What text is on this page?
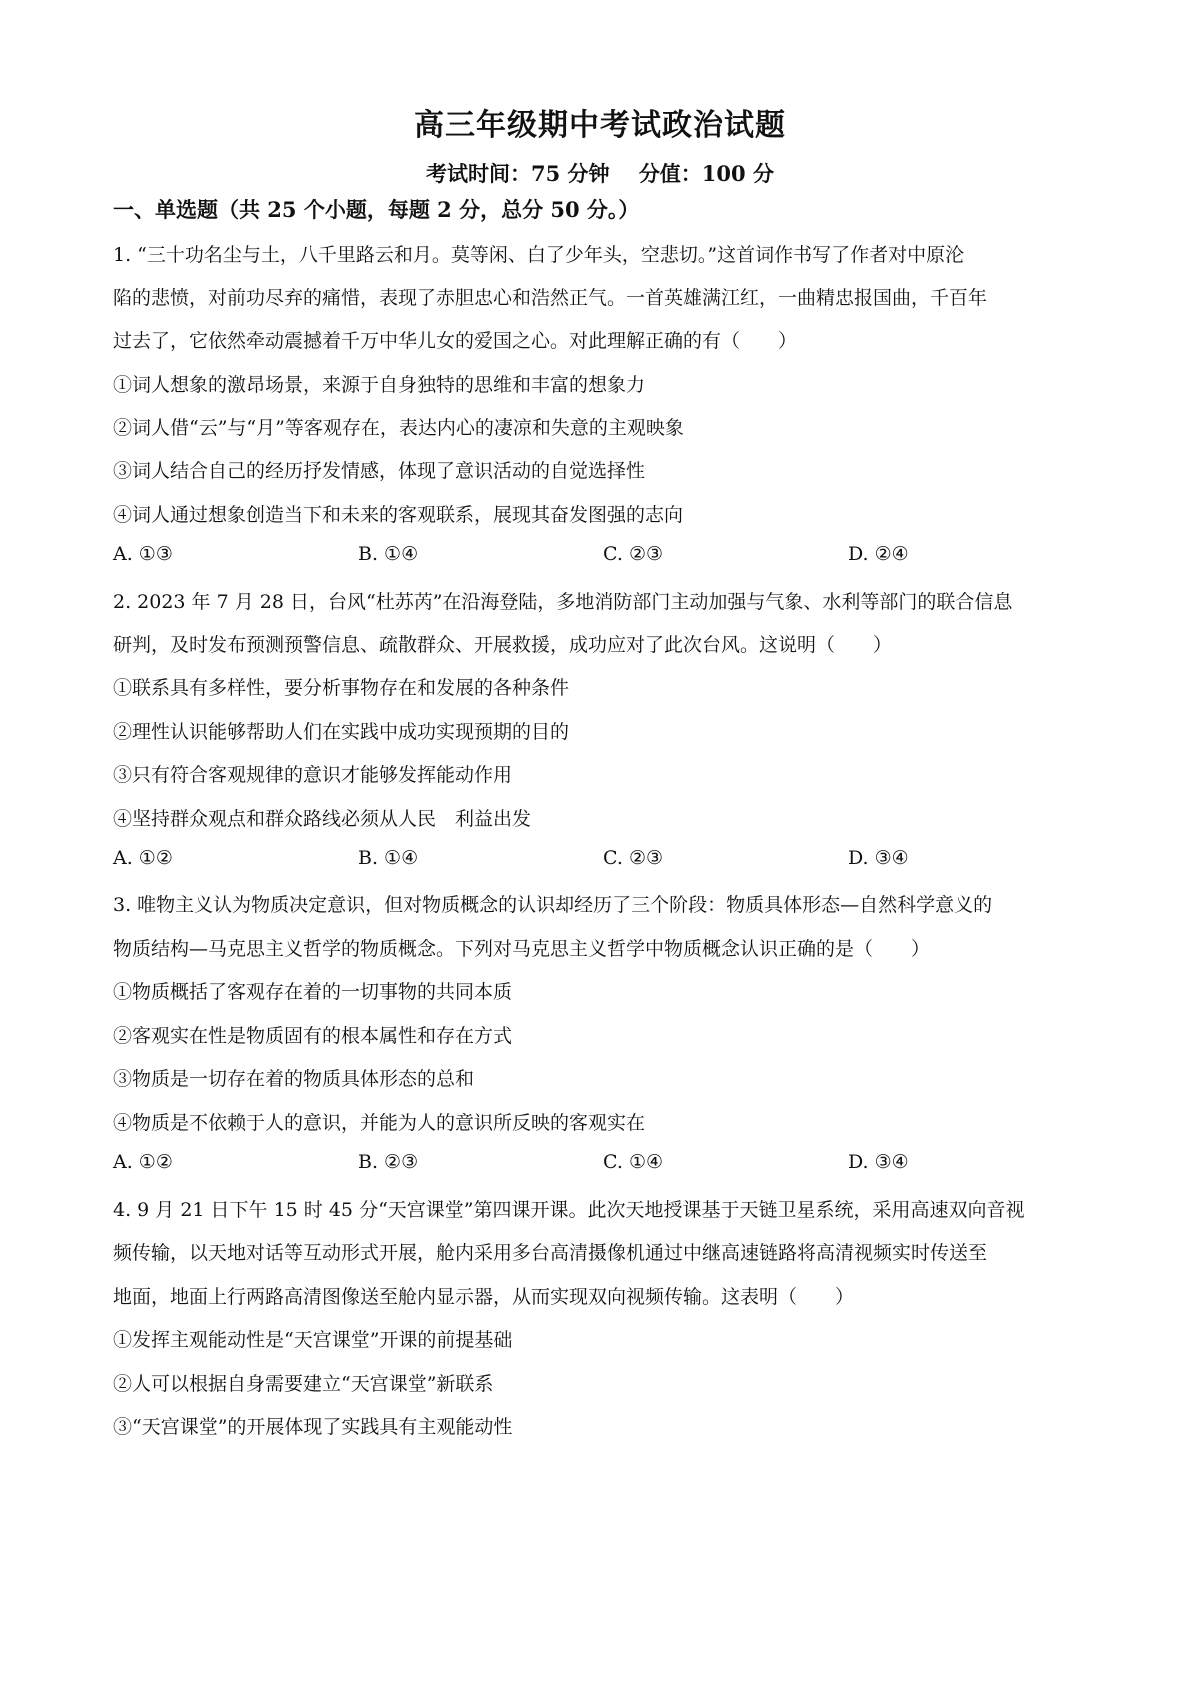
高三年级期中考试政治试题
考试时间：75 分钟 分值：100 分
一、单选题（共 25 个小题，每题 2 分，总分 50 分。）
1. “三十功名尘与土，八千里路云和月。莫等闲、白了少年头，空悲切。”这首词作书写了作者对中原沦
陷的悲愤，对前功尽弃的痛惜，表现了赤胆忠心和浩然正气。一首英雄满江红，一曲精忠报国曲，千百年
过去了，它依然牵动震撼着千万中华儿女的爱国之心。对此理解正确的有（　　）
①词人想象的激昂场景，来源于自身独特的思维和丰富的想象力
②词人借“云”与“月”等客观存在，表达内心的凄凉和失意的主观映象
③词人结合自己的经历抒发情感，体现了意识活动的自觉选择性
④词人通过想象创造当下和未来的客观联系，展现其奋发图强的志向
A. ①③	B. ①④	C. ②③	D. ②④
2. 2023 年 7 月 28 日，台风“杜苏芮”在沿海登陆，多地消防部门主动加强与气象、水利等部门的联合信息
研判，及时发布预测预警信息、疏散群众、开展救援，成功应对了此次台风。这说明（　　）
①联系具有多样性，要分析事物存在和发展的各种条件
②理性认识能够帮助人们在实践中成功实现预期的目的
③只有符合客观规律的意识才能够发挥能动作用
④坚持群众观点和群众路线必须从人民　利益出发
A. ①②	B. ①④	C. ②③	D. ③④
3. 唯物主义认为物质决定意识，但对物质概念的认识却经历了三个阶段：物质具体形态—自然科学意义的
物质结构—马克思主义哲学的物质概念。下列对马克思主义哲学中物质概念认识正确的是（　　）
①物质概括了客观存在着的一切事物的共同本质
②客观实在性是物质固有的根本属性和存在方式
③物质是一切存在着的物质具体形态的总和
④物质是不依赖于人的意识，并能为人的意识所反映的客观实在
A. ①②	B. ②③	C. ①④	D. ③④
4. 9 月 21 日下午 15 时 45 分“天宫课堂”第四课开课。此次天地授课基于天链卫星系统，采用高速双向音视
频传输，以天地对话等互动形式开展，舱内采用多台高清摄像机通过中继高速链路将高清视频实时传送至
地面，地面上行两路高清图像送至舱内显示器，从而实现双向视频传输。这表明（　　）
①发挥主观能动性是“天宫课堂”开课的前提基础
②人可以根据自身需要建立“天宫课堂”新联系
③“天宫课堂”的开展体现了实践具有主观能动性
